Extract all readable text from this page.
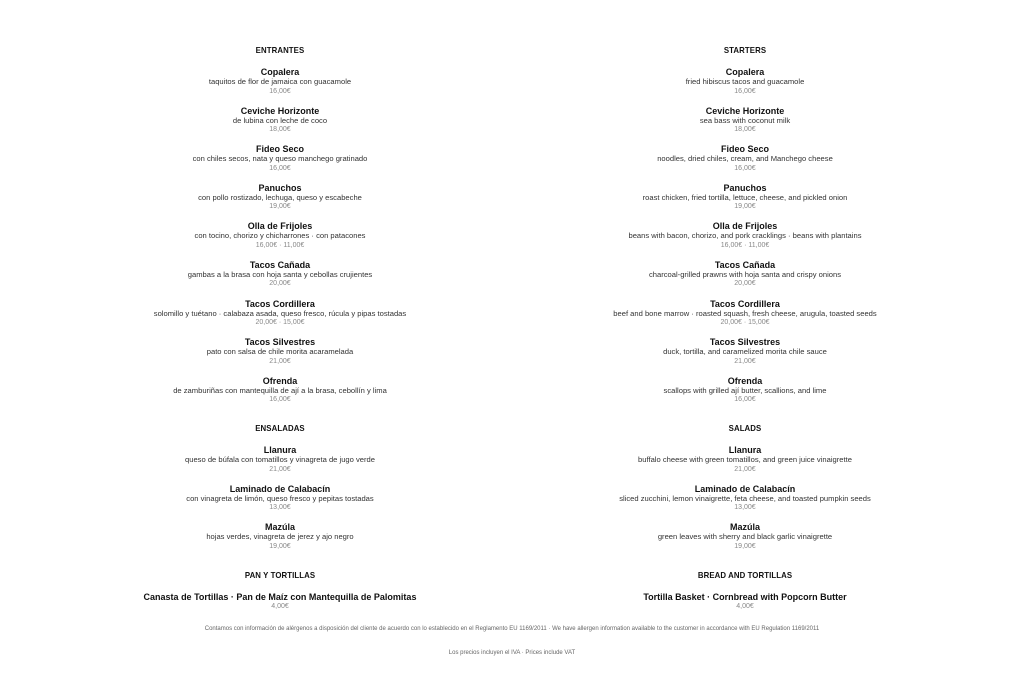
ENTRANTES
Copalera
taquitos de flor de jamaica con guacamole
16,00€
Ceviche Horizonte
de lubina con leche de coco
18,00€
Fideo Seco
con chiles secos, nata y queso manchego gratinado
16,00€
Panuchos
con pollo rostizado, lechuga, queso y escabeche
19,00€
Olla de Frijoles
con tocino, chorizo y chicharrones · con patacones
16,00€ · 11,00€
Tacos Cañada
gambas a la brasa con hoja santa y cebollas crujientes
20,00€
Tacos Cordillera
solomillo y tuétano · calabaza asada, queso fresco, rúcula y pipas tostadas
20,00€ · 15,00€
Tacos Silvestres
pato con salsa de chile morita acaramelada
21,00€
Ofrenda
de zamburiñas con mantequilla de ají a la brasa, cebollín y lima
16,00€
ENSALADAS
Llanura
queso de búfala con tomatillos y vinagreta de jugo verde
21,00€
Laminado de Calabacín
con vinagreta de limón, queso fresco y pepitas tostadas
13,00€
Mazúla
hojas verdes, vinagreta de jerez y ajo negro
19,00€
PAN Y TORTILLAS
Canasta de Tortillas · Pan de Maíz con Mantequilla de Palomitas
4,00€
STARTERS
Copalera
fried hibiscus tacos and guacamole
16,00€
Ceviche Horizonte
sea bass with coconut milk
18,00€
Fideo Seco
noodles, dried chiles, cream, and Manchego cheese
16,00€
Panuchos
roast chicken, fried tortilla, lettuce, cheese, and pickled onion
19,00€
Olla de Frijoles
beans with bacon, chorizo, and pork cracklings · beans with plantains
16,00€ · 11,00€
Tacos Cañada
charcoal-grilled prawns with hoja santa and crispy onions
20,00€
Tacos Cordillera
beef and bone marrow · roasted squash, fresh cheese, arugula, toasted seeds
20,00€ · 15,00€
Tacos Silvestres
duck, tortilla, and caramelized morita chile sauce
21,00€
Ofrenda
scallops with grilled ají butter, scallions, and lime
16,00€
SALADS
Llanura
buffalo cheese with green tomatillos, and green juice vinaigrette
21,00€
Laminado de Calabacín
sliced zucchini, lemon vinaigrette, feta cheese, and toasted pumpkin seeds
13,00€
Mazúla
green leaves with sherry and black garlic vinaigrette
19,00€
BREAD AND TORTILLAS
Tortilla Basket · Cornbread with Popcorn Butter
4,00€
Contamos con información de alérgenos a disposición del cliente de acuerdo con lo establecido en el Reglamento EU 1169/2011 · We have allergen information available to the customer in accordance with EU Regulation 1169/2011
Los precios incluyen el IVA · Prices include VAT
